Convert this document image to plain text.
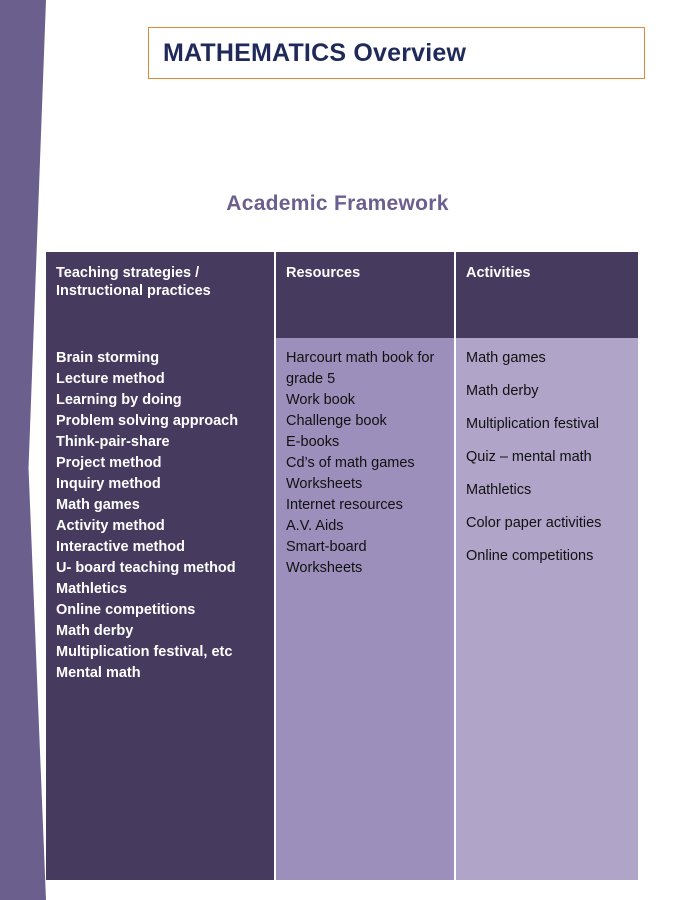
MATHEMATICS Overview
Academic Framework
Teaching strategies / Instructional practices
Brain storming
Lecture method
Learning by doing
Problem solving approach
Think-pair-share
Project method
Inquiry method
Math games
Activity method
Interactive method
U- board teaching method
Mathletics
Online competitions
Math derby
Multiplication festival, etc
Mental math
Resources
Harcourt math book for grade 5
Work book
Challenge book
E-books
Cd’s of math games
Worksheets
Internet resources
A.V. Aids
Smart-board
Worksheets
Activities
Math games
Math derby
Multiplication festival
Quiz – mental math
Mathletics
Color paper activities
Online competitions
